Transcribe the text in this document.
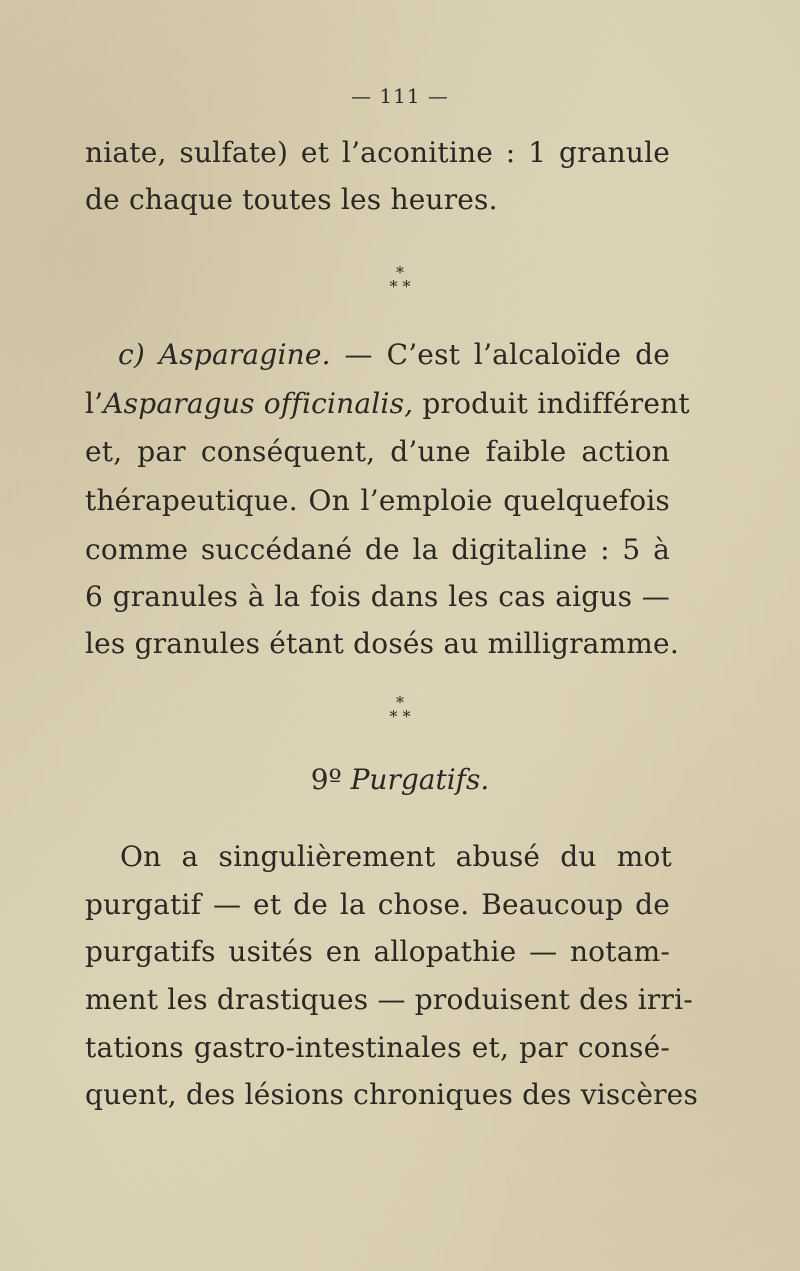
— 111 —
niate, sulfate) et l’aconitine : 1 granule
de chaque toutes les heures.
*
* *
c) Asparagine. — C’est l’alcaloïde de
l’Asparagus officinalis, produit indifférent
et, par conséquent, d’une faible action
thérapeutique. On l’emploie quelquefois
comme succédané de la digitaline : 5 à
6 granules à la fois dans les cas aigus —
les granules étant dosés au milligramme.
*
* *
9º Purgatifs.
On a singulièrement abusé du mot
purgatif — et de la chose. Beaucoup de
purgatifs usités en allopathie — notam-
ment les drastiques — produisent des irri-
tations gastro-intestinales et, par consé-
quent, des lésions chroniques des viscères
